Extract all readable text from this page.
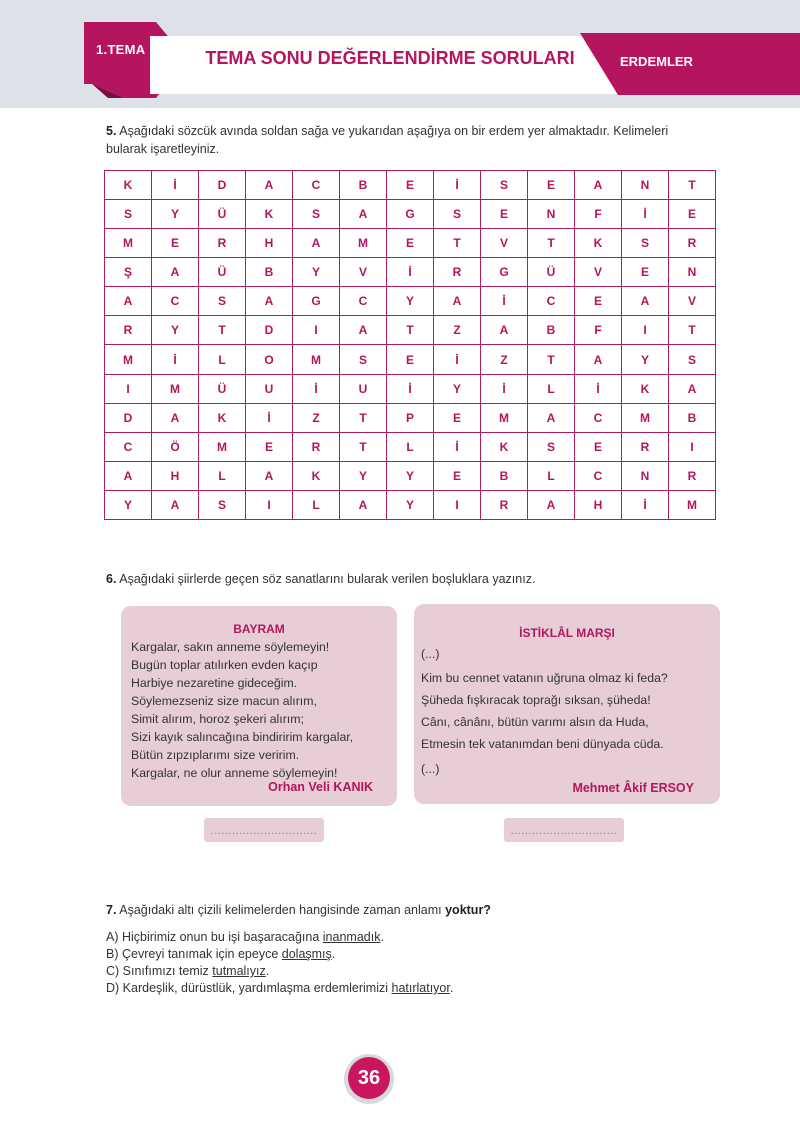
1.TEMA	TEMA SONU DEĞERLENDİRME SORULARI	ERDEMLER
5. Aşağıdaki sözcük avında soldan sağa ve yukarıdan aşağıya on bir erdem yer almaktadır. Kelimeleri
bularak işaretleyiniz.
K	İ	D	A	C	B	E	İ	S	E	A	N	T
S	Y	Ü	K	S	A	G	S	E	N	F	İ	E
M	E	R	H	A	M	E	T	V	T	K	S	R
Ş	A	Ü	B	Y	V	İ	R	G	Ü	V	E	N
A	C	S	A	G	C	Y	A	İ	C	E	A	V
R	Y	T	D	I	A	T	Z	A	B	F	I	T
M	İ	L	O	M	S	E	İ	Z	T	A	Y	S
I	M	Ü	U	İ	U	İ	Y	İ	L	İ	K	A
D	A	K	İ	Z	T	P	E	M	A	C	M	B
C	Ö	M	E	R	T	L	İ	K	S	E	R	I
A	H	L	A	K	Y	Y	E	B	L	C	N	R
Y	A	S	I	L	A	Y	I	R	A	H	İ	M
6. Aşağıdaki şiirlerde geçen söz sanatlarını bularak verilen boşluklara yazınız.
BAYRAM
Kargalar, sakın anneme söylemeyin!
Bugün toplar atılırken evden kaçıp
Harbiye nezaretine gideceğim.
Söylemezseniz size macun alırım,
Simit alırım, horoz şekeri alırım;
Sizi kayık salıncağına bindiririm kargalar,
Bütün zıpzıplarımı size veririm.
Kargalar, ne olur anneme söylemeyin!
Orhan Veli KANIK
İSTİKLÂL MARŞI
(...)
Kim bu cennet vatanın uğruna olmaz ki feda?
Şüheda fışkıracak toprağı sıksan, şüheda!
Cânı, cânânı, bütün varımı alsın da Huda,
Etmesin tek vatanımdan beni dünyada cüda.
(...)
Mehmet Âkif ERSOY
..............................	..............................
7. Aşağıdaki altı çizili kelimelerden hangisinde zaman anlamı yoktur?
A) Hiçbirimiz onun bu işi başaracağına inanmadık.
B) Çevreyi tanımak için epeyce dolaşmış.
C) Sınıfımızı temiz tutmalıyız.
D) Kardeşlik, dürüstlük, yardımlaşma erdemlerimizi hatırlatıyor.
36
